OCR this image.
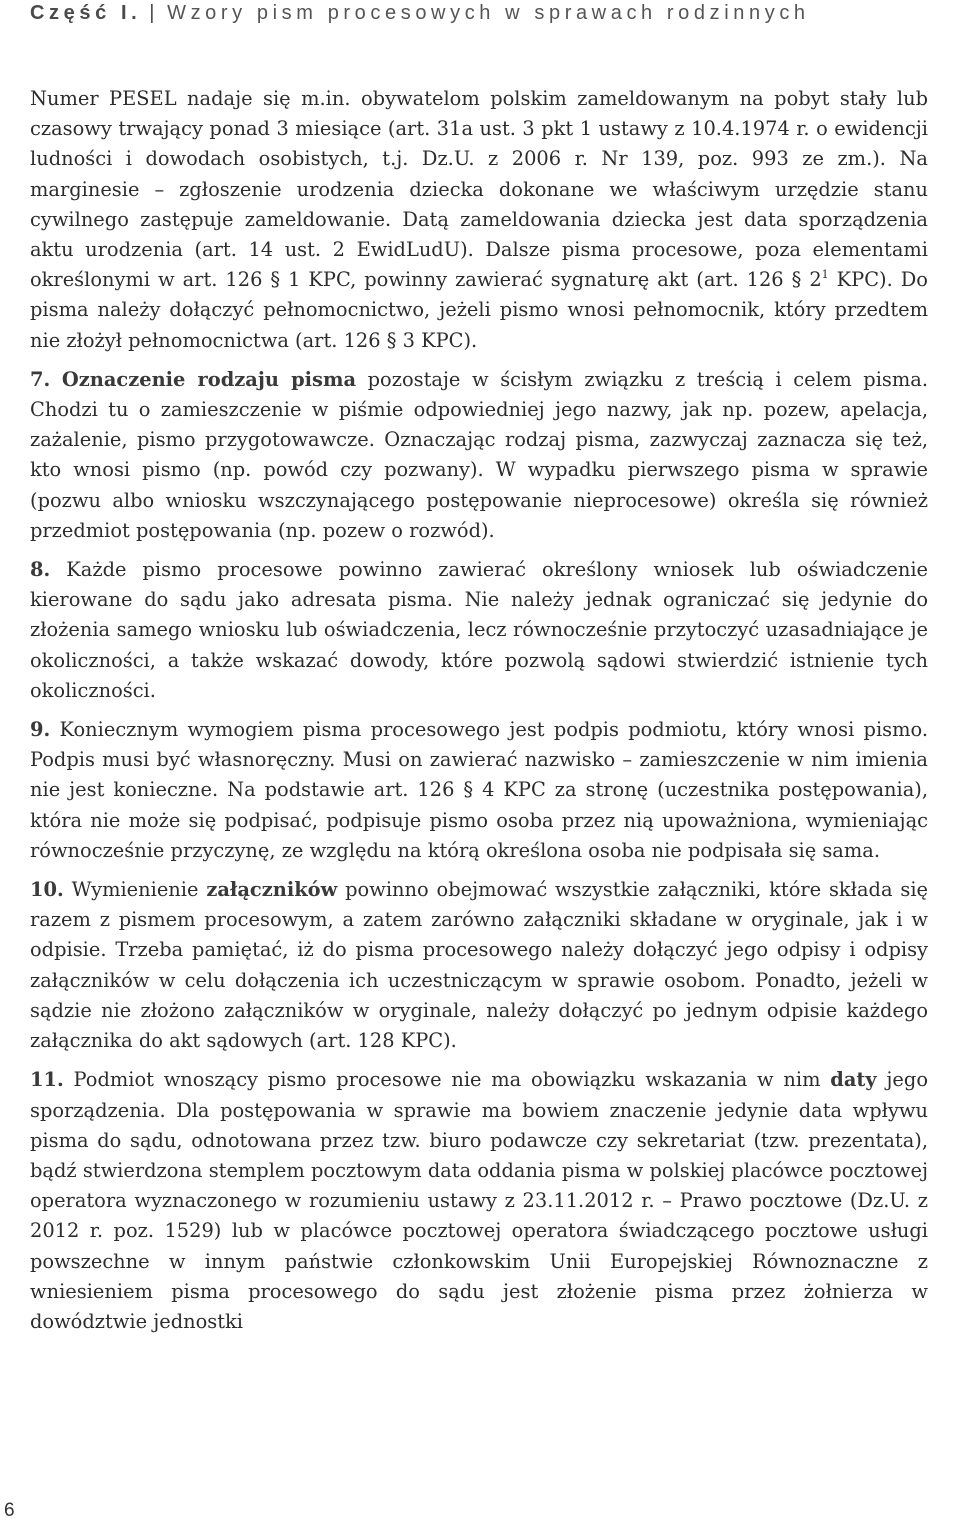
Część I. | Wzory pism procesowych w sprawach rodzinnych

Numer PESEL nadaje się m.in. obywatelom polskim zameldowanym na pobyt stały lub czasowy trwający ponad 3 miesiące (art. 31a ust. 3 pkt 1 ustawy z 10.4.1974 r. o ewidencji ludności i dowodach osobistych, t.j. Dz.U. z 2006 r. Nr 139, poz. 993 ze zm.). Na marginesie – zgłoszenie urodzenia dziecka dokonane we właściwym urzędzie stanu cywilnego zastępuje zameldowanie. Datą zameldowania dziecka jest data sporządzenia aktu urodzenia (art. 14 ust. 2 EwidLudU). Dalsze pisma procesowe, poza elementami określonymi w art. 126 § 1 KPC, powinny zawierać sygnaturę akt (art. 126 § $2^1$ KPC). Do pisma należy dołączyć pełnomocnictwo, jeżeli pismo wnosi pełnomocnik, który przedtem nie złożył pełnomocnictwa (art. 126 § 3 KPC).

7. Oznaczenie rodzaju pisma pozostaje w ścisłym związku z treścią i celem pisma. Chodzi tu o zamieszczenie w piśmie odpowiedniej jego nazwy, jak np. pozew, apelacja, zażalenie, pismo przygotowawcze. Oznaczając rodzaj pisma, zazwyczaj zaznacza się też, kto wnosi pismo (np. powód czy pozwany). W wypadku pierwszego pisma w sprawie (pozwu albo wniosku wszczynającego postępowanie nieprocesowe) określa się również przedmiot postępowania (np. pozew o rozwód).

8. Każde pismo procesowe powinno zawierać określony wniosek lub oświadczenie kierowane do sądu jako adresata pisma. Nie należy jednak ograniczać się jedynie do złożenia samego wniosku lub oświadczenia, lecz równocześnie przytoczyć uzasadniające je okoliczności, a także wskazać dowody, które pozwolą sądowi stwierdzić istnienie tych okoliczności.

9. Koniecznym wymogiem pisma procesowego jest podpis podmiotu, który wnosi pismo. Podpis musi być własnoręczny. Musi on zawierać nazwisko – zamieszczenie w nim imienia nie jest konieczne. Na podstawie art. 126 § 4 KPC za stronę (uczestnika postępowania), która nie może się podpisać, podpisuje pismo osoba przez nią upoważniona, wymieniając równocześnie przyczynę, ze względu na którą określona osoba nie podpisała się sama.

10. Wymienienie załączników powinno obejmować wszystkie załączniki, które składa się razem z pismem procesowym, a zatem zarówno załączniki składane w oryginale, jak i w odpisie. Trzeba pamiętać, iż do pisma procesowego należy dołączyć jego odpisy i odpisy załączników w celu dołączenia ich uczestniczącym w sprawie osobom. Ponadto, jeżeli w sądzie nie złożono załączników w oryginale, należy dołączyć po jednym odpisie każdego załącznika do akt sądowych (art. 128 KPC).

11. Podmiot wnoszący pismo procesowe nie ma obowiązku wskazania w nim daty jego sporządzenia. Dla postępowania w sprawie ma bowiem znaczenie jedynie data wpływu pisma do sądu, odnotowana przez tzw. biuro podawcze czy sekretariat (tzw. prezentata), bądź stwierdzona stemplem pocztowym data oddania pisma w polskiej placówce pocztowej operatora wyznaczonego w rozumieniu ustawy z 23.11.2012 r. – Prawo pocztowe (Dz.U. z 2012 r. poz. 1529) lub w placówce pocztowej operatora świadczącego pocztowe usługi powszechne w innym państwie członkowskim Unii Europejskiej Równoznaczne z wniesieniem pisma procesowego do sądu jest złożenie pisma przez żołnierza w dowództwie jednostki

6
